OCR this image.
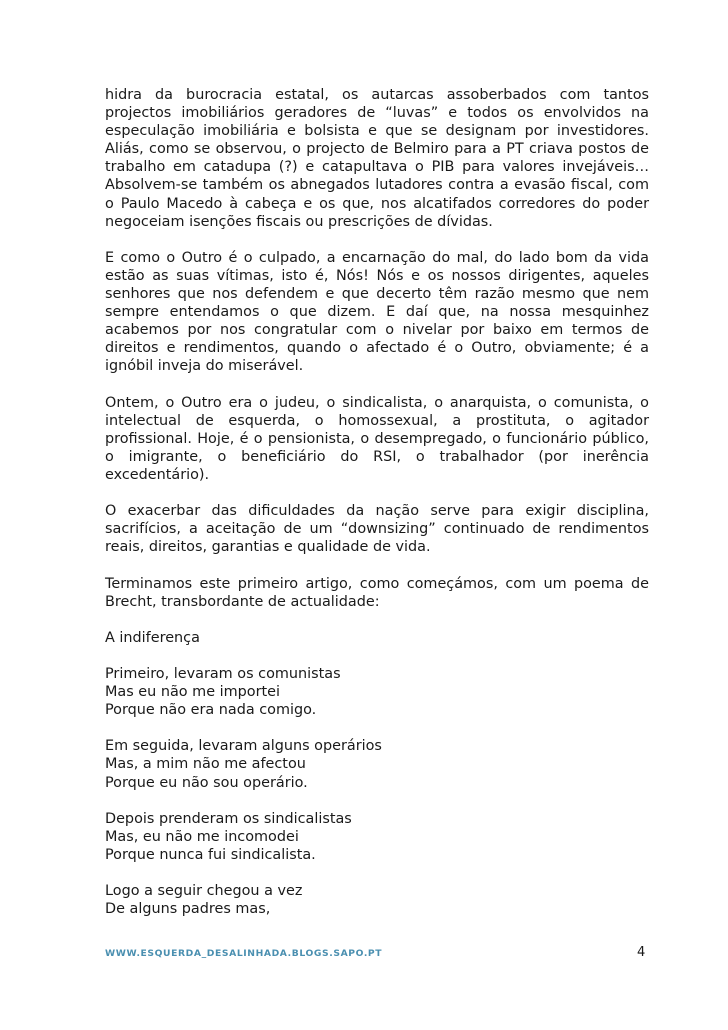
hidra da burocracia estatal, os autarcas assoberbados com tantos projectos imobiliários geradores de “luvas” e todos os envolvidos na especulação imobiliária e bolsista e que se designam por investidores. Aliás, como se observou, o projecto de Belmiro para a PT criava postos de trabalho em catadupa (?) e catapultava o PIB para valores invejáveis… Absolvem-se também os abnegados lutadores contra a evasão fiscal, com o Paulo Macedo à cabeça e os que, nos alcatifados corredores do poder negoceiam isenções fiscais ou prescrições de dívidas.

E como o Outro é o culpado, a encarnação do mal, do lado bom da vida estão as suas vítimas, isto é, Nós! Nós e os nossos dirigentes, aqueles senhores que nos defendem e que decerto têm razão mesmo que nem sempre entendamos o que dizem. E daí que, na nossa mesquinhez acabemos por nos congratular com o nivelar por baixo em termos de direitos e rendimentos, quando o afectado é o Outro, obviamente; é a ignóbil inveja do miserável.

Ontem, o Outro era o judeu, o sindicalista, o anarquista, o comunista, o intelectual de esquerda, o homossexual, a prostituta, o agitador profissional. Hoje, é o pensionista, o desempregado, o funcionário público, o imigrante, o beneficiário do RSI, o trabalhador (por inerência excedentário).

O exacerbar das dificuldades da nação serve para exigir disciplina, sacrifícios, a aceitação de um “downsizing” continuado de rendimentos reais, direitos, garantias e qualidade de vida.

Terminamos este primeiro artigo, como começámos, com um poema de Brecht, transbordante de actualidade:

A indiferença
Primeiro, levaram os comunistas
Mas eu não me importei
Porque não era nada comigo.
Em seguida, levaram alguns operários
Mas, a mim não me afectou
Porque eu não sou operário.
Depois prenderam os sindicalistas
Mas, eu não me incomodei
Porque nunca fui sindicalista.
Logo a seguir chegou a vez
De alguns padres mas,
WWW.ESQUERDA_DESALINHADA.BLOGS.SAPO.PT	4
